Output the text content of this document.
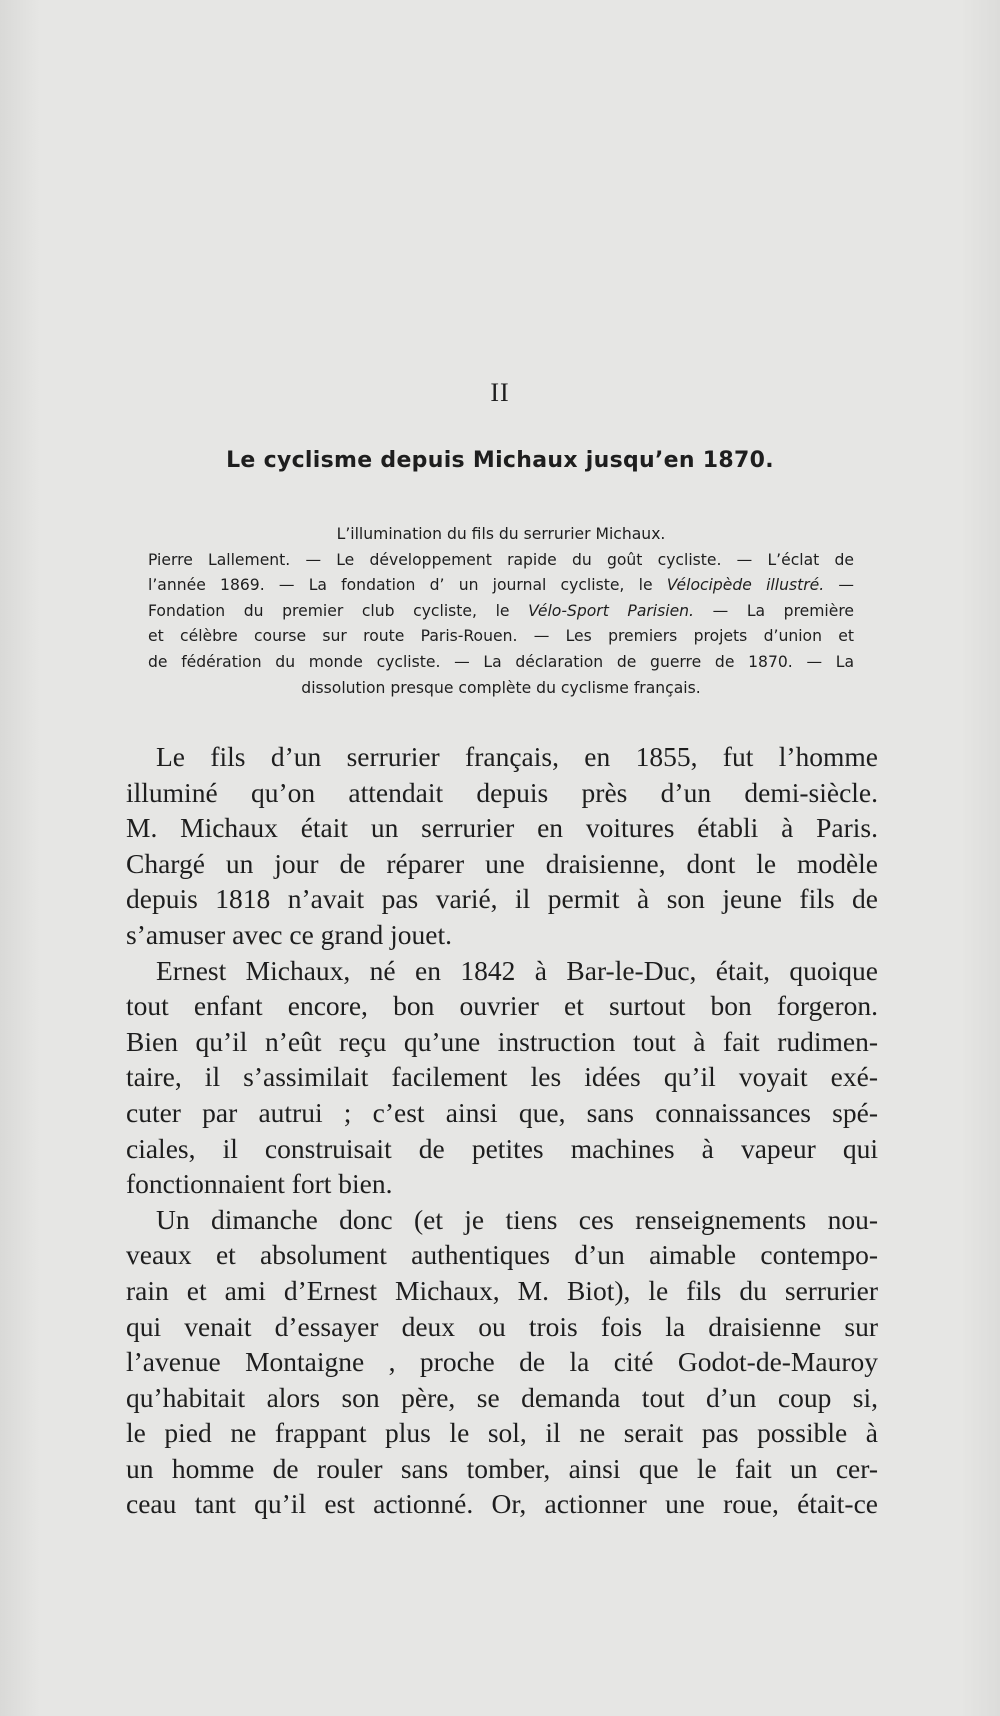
II
Le cyclisme depuis Michaux jusqu’en 1870.
L’illumination du fils du serrurier Michaux.
Pierre Lallement. — Le développement rapide du goût cycliste. — L’éclat de
l’année 1869. — La fondation d’ un journal cycliste, le Vélocipède illustré. —
Fondation du premier club cycliste, le Vélo-Sport Parisien. — La première
et célèbre course sur route Paris-Rouen. — Les premiers projets d’union et
de fédération du monde cycliste. — La déclaration de guerre de 1870. — La
dissolution presque complète du cyclisme français.
Le fils d’un serrurier français, en 1855, fut l’homme
illuminé qu’on attendait depuis près d’un demi-siècle.
M. Michaux était un serrurier en voitures établi à Paris.
Chargé un jour de réparer une draisienne, dont le modèle
depuis 1818 n’avait pas varié, il permit à son jeune fils de
s’amuser avec ce grand jouet.
Ernest Michaux, né en 1842 à Bar-le-Duc, était, quoique
tout enfant encore, bon ouvrier et surtout bon forgeron.
Bien qu’il n’eût reçu qu’une instruction tout à fait rudimen-
taire, il s’assimilait facilement les idées qu’il voyait exé-
cuter par autrui ; c’est ainsi que, sans connaissances spé-
ciales, il construisait de petites machines à vapeur qui
fonctionnaient fort bien.
Un dimanche donc (et je tiens ces renseignements nou-
veaux et absolument authentiques d’un aimable contempo-
rain et ami d’Ernest Michaux, M. Biot), le fils du serrurier
qui venait d’essayer deux ou trois fois la draisienne sur
l’avenue Montaigne , proche de la cité Godot-de-Mauroy
qu’habitait alors son père, se demanda tout d’un coup si,
le pied ne frappant plus le sol, il ne serait pas possible à
un homme de rouler sans tomber, ainsi que le fait un cer-
ceau tant qu’il est actionné. Or, actionner une roue, était-ce
